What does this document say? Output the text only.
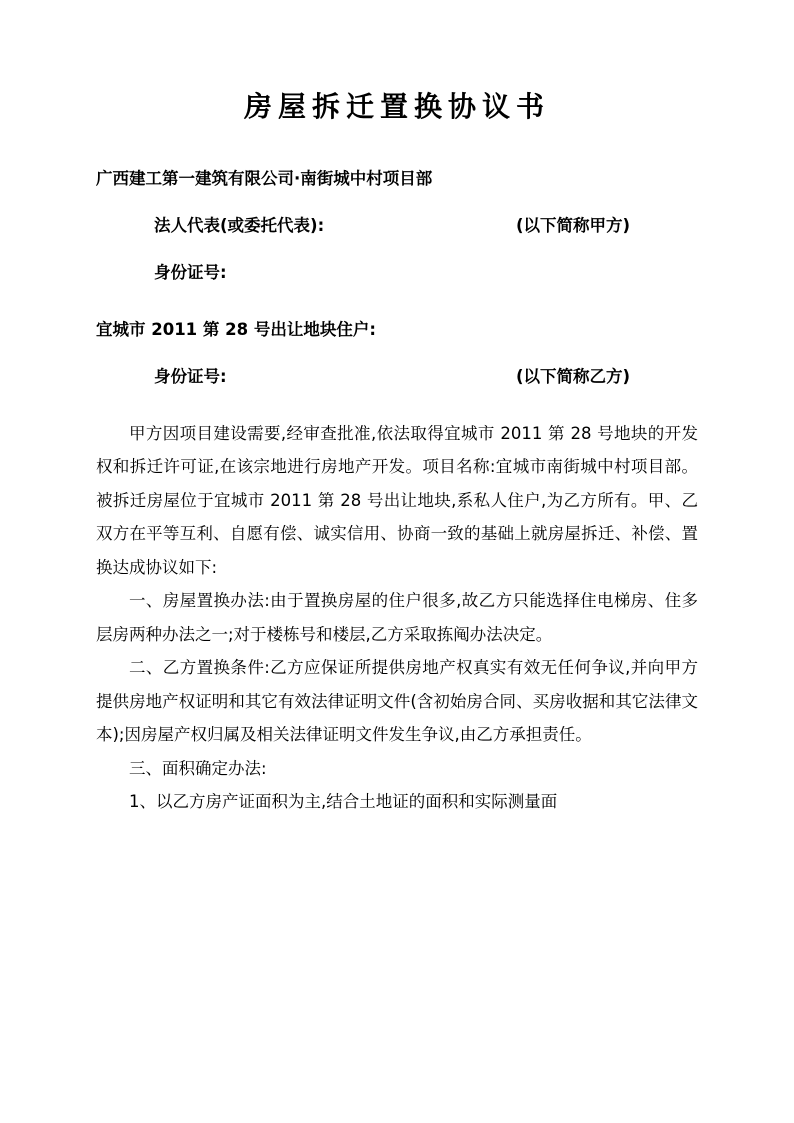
房屋拆迁置换协议书
广西建工第一建筑有限公司·南街城中村项目部
法人代表(或委托代表):	(以下简称甲方)
身份证号:
宜城市 2011 第 28 号出让地块住户:
身份证号:	(以下简称乙方)

甲方因项目建设需要,经审查批准,依法取得宜城市 2011 第 28 号地块的开发权和拆迁许可证,在该宗地进行房地产开发。项目名称:宜城市南街城中村项目部。被拆迁房屋位于宜城市 2011 第 28 号出让地块,系私人住户,为乙方所有。甲、乙双方在平等互利、自愿有偿、诚实信用、协商一致的基础上就房屋拆迁、补偿、置换达成协议如下:

一、房屋置换办法:由于置换房屋的住户很多,故乙方只能选择住电梯房、住多层房两种办法之一;对于楼栋号和楼层,乙方采取拣阄办法决定。

二、乙方置换条件:乙方应保证所提供房地产权真实有效无任何争议,并向甲方提供房地产权证明和其它有效法律证明文件(含初始房合同、买房收据和其它法律文本);因房屋产权归属及相关法律证明文件发生争议,由乙方承担责任。

三、面积确定办法:

1、以乙方房产证面积为主,结合土地证的面积和实际测量面
